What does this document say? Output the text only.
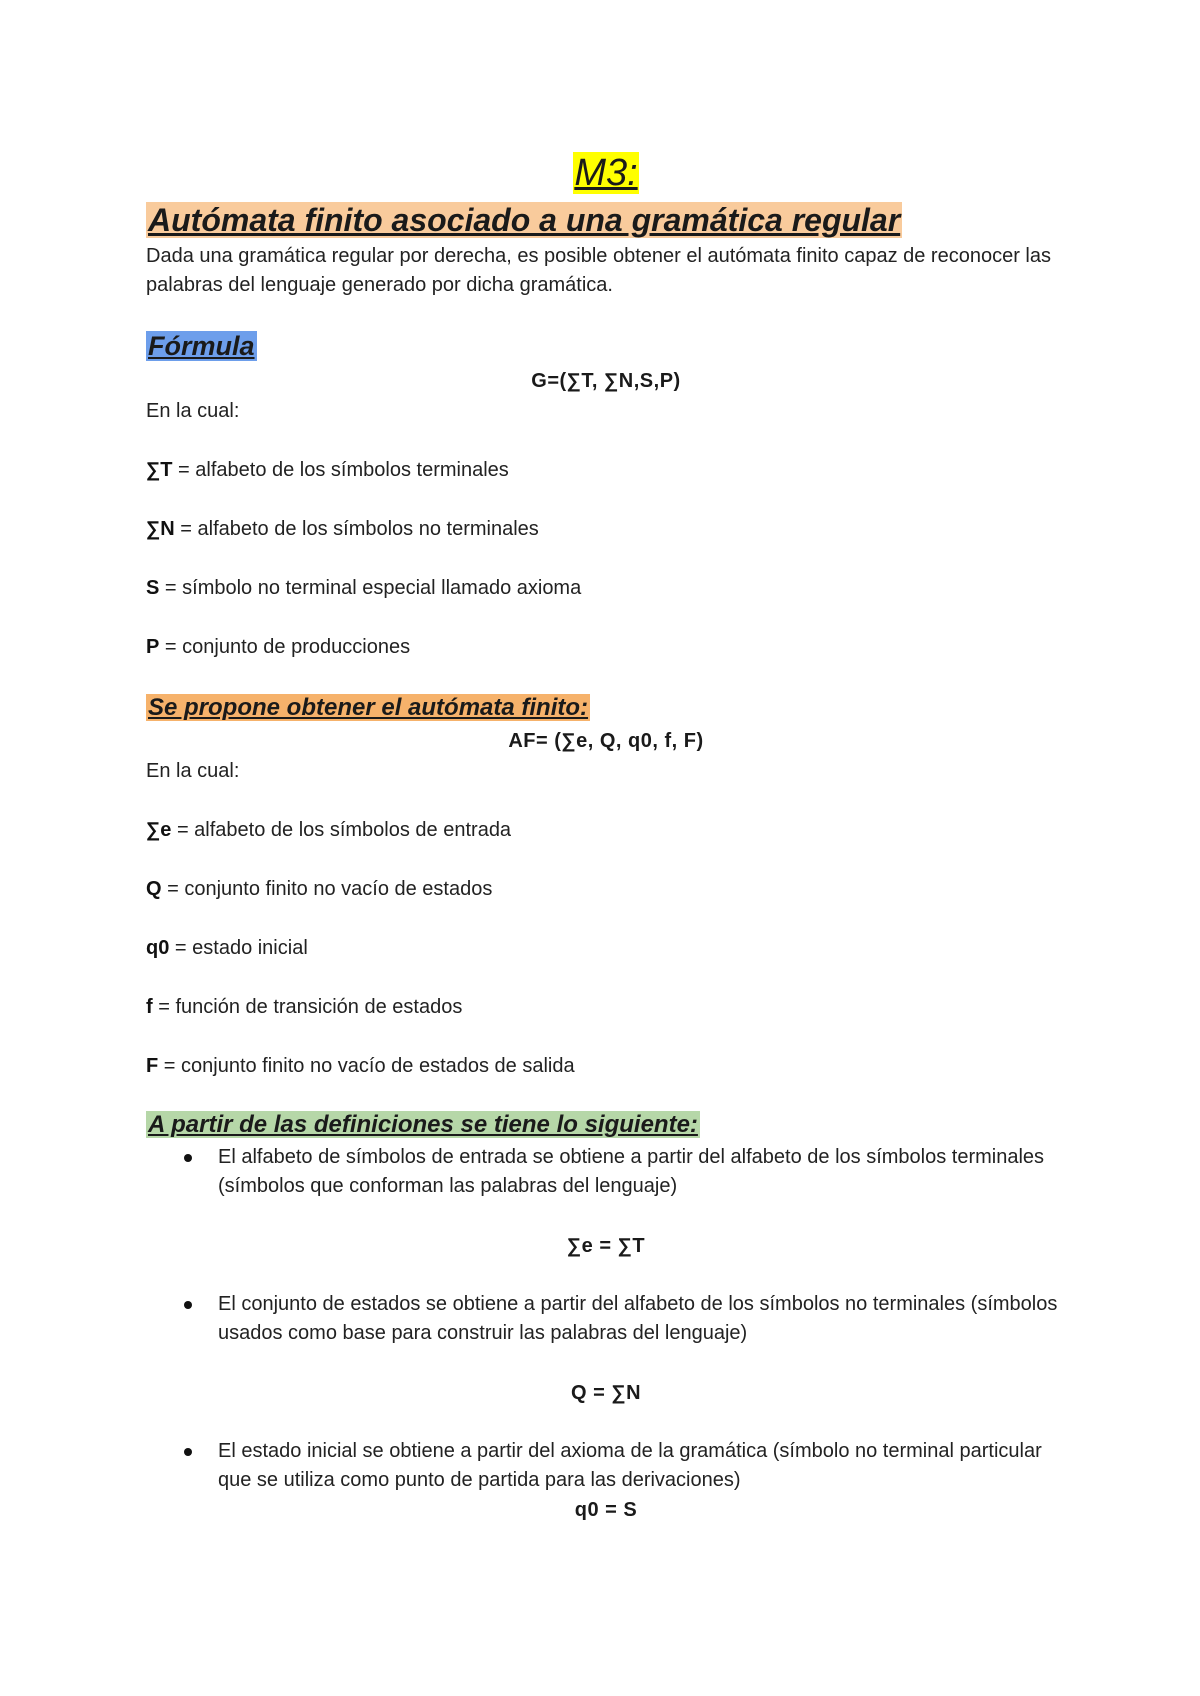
M3:
Autómata finito asociado a una gramática regular

Dada una gramática regular por derecha, es posible obtener el autómata finito capaz de reconocer las palabras del lenguaje generado por dicha gramática.

Fórmula

G=(∑T, ∑N,S,P)

En la cual:

∑T = alfabeto de los símbolos terminales

∑N = alfabeto de los símbolos no terminales

S = símbolo no terminal especial llamado axioma

P = conjunto de producciones

Se propone obtener el autómata finito:

AF= (∑e, Q, q0, f, F)

En la cual:

∑e = alfabeto de los símbolos de entrada

Q = conjunto finito no vacío de estados

q0 = estado inicial

f = función de transición de estados

F = conjunto finito no vacío de estados de salida

A partir de las definiciones se tiene lo siguiente:
El alfabeto de símbolos de entrada se obtiene a partir del alfabeto de los símbolos terminales (símbolos que conforman las palabras del lenguaje)

∑e = ∑T

El conjunto de estados se obtiene a partir del alfabeto de los símbolos no terminales (símbolos usados como base para construir las palabras del lenguaje)

Q = ∑N

El estado inicial se obtiene a partir del axioma de la gramática (símbolo no terminal particular que se utiliza como punto de partida para las derivaciones)

q0 = S
